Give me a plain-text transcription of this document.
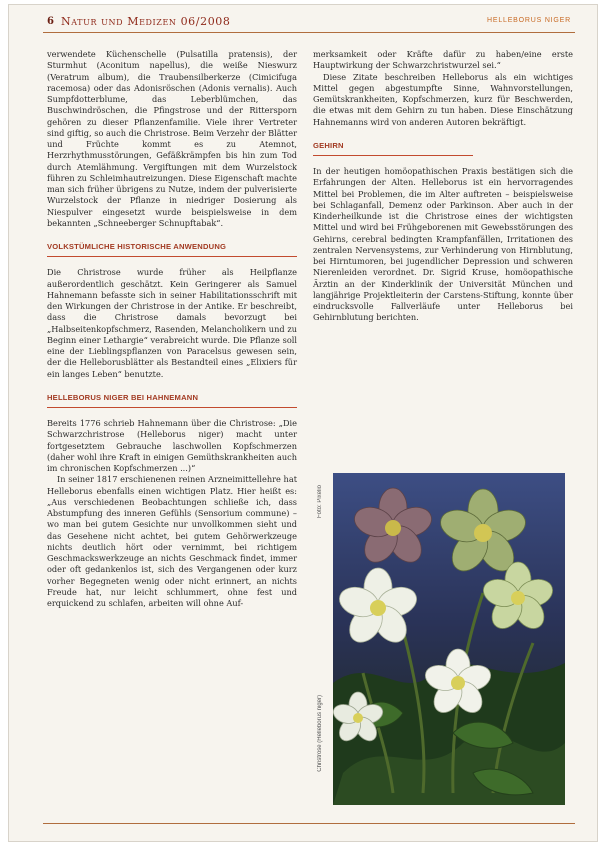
6 Natur und Medizen 06/2008	HELLEBORUS NIGER

verwendete Küchenschelle (Pulsatilla pratensis), der Sturmhut (Aconitum napellus), die weiße Nieswurz (Veratrum album), die Traubensilberkerze (Cimicifuga racemosa) oder das Adonisröschen (Adonis vernalis). Auch Sumpfdotterblume, das Leberblümchen, das Buschwindröschen, die Pfingstrose und der Rittersporn gehören zu dieser Pflanzenfamilie. Viele ihrer Vertreter sind giftig, so auch die Christrose. Beim Verzehr der Blätter und Früchte kommt es zu Atemnot, Herzrhythmusstörungen, Gefäßkrämpfen bis hin zum Tod durch Atemlähmung. Vergiftungen mit dem Wurzelstock führen zu Schleimhautreizungen. Diese Eigenschaft machte man sich früher übrigens zu Nutze, indem der pulverisierte Wurzelstock der Pflanze in niedriger Dosierung als Niespulver eingesetzt wurde beispielsweise in dem bekannten „Schneeberger Schnupftabak“.

VOLKSTÜMLICHE HISTORISCHE ANWENDUNG

Die Christrose wurde früher als Heilpflanze außerordentlich geschätzt. Kein Geringerer als Samuel Hahnemann befasste sich in seiner Habilitationsschrift mit den Wirkungen der Christrose in der Antike. Er beschreibt, dass die Christrose damals bevorzugt bei „Halbseitenkopfschmerz, Rasenden, Melancholikern und zu Beginn einer Lethargie“ verabreicht wurde. Die Pflanze soll eine der Lieblingspflanzen von Paracelsus gewesen sein, der die Helleborusblätter als Bestandteil eines „Elixiers für ein langes Leben“ benutzte.

HELLEBORUS NIGER BEI HAHNEMANN

Bereits 1776 schrieb Hahnemann über die Christrose: „Die Schwarzchristrose (Helleborus niger) macht unter fortgesetztem Gebrauche laschwollen Kopfschmerzen (daher wohl ihre Kraft in einigen Gemüthskrankheiten auch im chronischen Kopfschmerzen ...)“

In seiner 1817 erschienenen reinen Arzneimittellehre hat Helleborus ebenfalls einen wichtigen Platz. Hier heißt es: „Aus verschiedenen Beobachtungen schließe ich, dass Abstumpfung des inneren Gefühls (Sensorium commune) – wo man bei gutem Gesichte nur unvollkommen sieht und das Gesehene nicht achtet, bei gutem Gehörwerkzeuge nichts deutlich hört oder vernimmt, bei richtigem Geschmackswerkzeuge an nichts Geschmack findet, immer oder oft gedankenlos ist, sich des Vergangenen oder kurz vorher Begegneten wenig oder nicht erinnert, an nichts Freude hat, nur leicht schlummert, ohne fest und erquickend zu schlafen, arbeiten will ohne Auf-

merksamkeit oder Kräfte dafür zu haben/eine erste Hauptwirkung der Schwarzchristwurzel sei.“

Diese Zitate beschreiben Helleborus als ein wichtiges Mittel gegen abgestumpfte Sinne, Wahnvorstellungen, Gemütskrankheiten, Kopfschmerzen, kurz für Beschwerden, die etwas mit dem Gehirn zu tun haben. Diese Einschätzung Hahnemanns wird von anderen Autoren bekräftigt.

GEHIRN

In der heutigen homöopathischen Praxis bestätigen sich die Erfahrungen der Alten. Helleborus ist ein hervorragendes Mittel bei Problemen, die im Alter auftreten – beispielsweise bei Schlaganfall, Demenz oder Parkinson. Aber auch in der Kinderheilkunde ist die Christrose eines der wichtigsten Mittel und wird bei Frühgeborenen mit Gewebsstörungen des Gehirns, cerebral bedingten Krampfanfällen, Irritationen des zentralen Nervensystems, zur Verhinderung von Hirnblutung, bei Hirntumoren, bei jugendlicher Depression und schweren Nierenleiden verordnet. Dr. Sigrid Kruse, homöopathische Ärztin an der Kinderklinik der Universität München und langjährige Projektleiterin der Carstens-Stiftung, konnte über eindrucksvolle Fallverläufe unter Helleborus bei Gehirnblutung berichten.

Foto: Pixelio
Christrose (Helleborus niger)
